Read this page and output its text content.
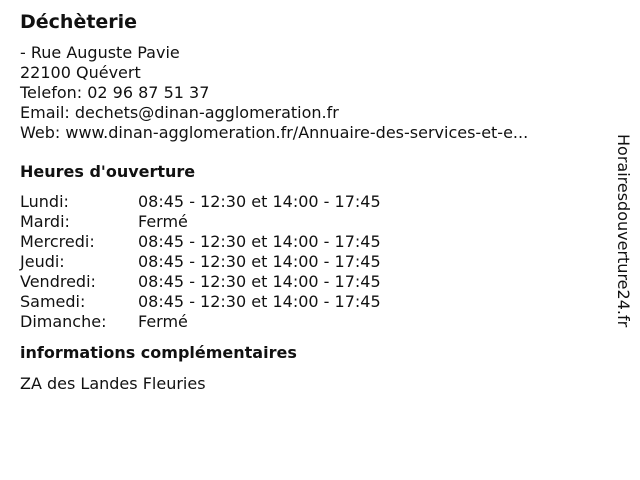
Déchèterie
- Rue Auguste Pavie
22100 Quévert
Telefon: 02 96 87 51 37
Email: dechets@dinan-agglomeration.fr
Web: www.dinan-agglomeration.fr/Annuaire-des-services-et-e...
Heures d'ouverture
Lundi:	08:45 - 12:30 et 14:00 - 17:45
Mardi:	Fermé
Mercredi:	08:45 - 12:30 et 14:00 - 17:45
Jeudi:	08:45 - 12:30 et 14:00 - 17:45
Vendredi:	08:45 - 12:30 et 14:00 - 17:45
Samedi:	08:45 - 12:30 et 14:00 - 17:45
Dimanche:	Fermé
informations complémentaires
ZA des Landes Fleuries
Horairesdouverture24.fr
